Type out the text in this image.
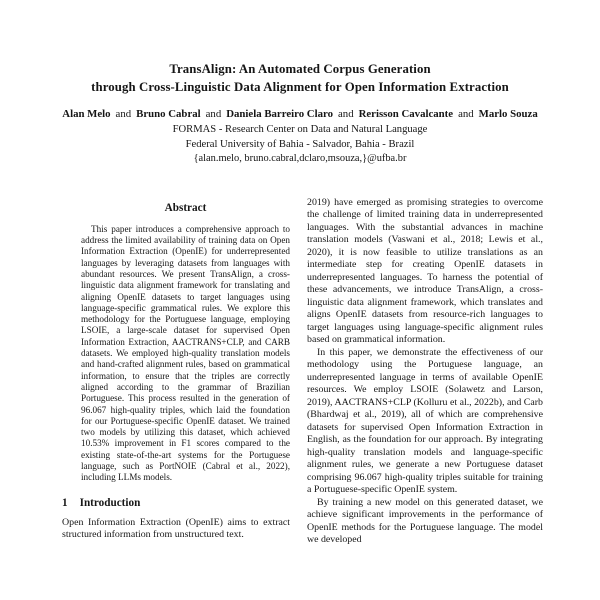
TransAlign: An Automated Corpus Generation
through Cross-Linguistic Data Alignment for Open Information Extraction
Alan Melo and Bruno Cabral and Daniela Barreiro Claro and Rerisson Cavalcante and Marlo Souza
FORMAS - Research Center on Data and Natural Language
Federal University of Bahia - Salvador, Bahia - Brazil
{alan.melo, bruno.cabral,dclaro,msouza,}@ufba.br
Abstract

This paper introduces a comprehensive approach to address the limited availability of training data on Open Information Extraction (OpenIE) for underrepresented languages by leveraging datasets from languages with abundant resources. We present TransAlign, a cross-linguistic data alignment framework for translating and aligning OpenIE datasets to target languages using language-specific grammatical rules. We explore this methodology for the Portuguese language, employing LSOIE, a large-scale dataset for supervised Open Information Extraction, AACTRANS+CLP, and CARB datasets. We employed high-quality translation models and hand-crafted alignment rules, based on grammatical information, to ensure that the triples are correctly aligned according to the grammar of Brazilian Portuguese. This process resulted in the generation of 96.067 high-quality triples, which laid the foundation for our Portuguese-specific OpenIE dataset. We trained two models by utilizing this dataset, which achieved 10.53% improvement in F1 scores compared to the existing state-of-the-art systems for the Portuguese language, such as PortNOIE (Cabral et al., 2022), including LLMs models.

1 Introduction

Open Information Extraction (OpenIE) aims to extract structured information from unstructured text.

2019) have emerged as promising strategies to overcome the challenge of limited training data in underrepresented languages. With the substantial advances in machine translation models (Vaswani et al., 2018; Lewis et al., 2020), it is now feasible to utilize translations as an intermediate step for creating OpenIE datasets in underrepresented languages. To harness the potential of these advancements, we introduce TransAlign, a cross-linguistic data alignment framework, which translates and aligns OpenIE datasets from resource-rich languages to target languages using language-specific alignment rules based on grammatical information.

In this paper, we demonstrate the effectiveness of our methodology using the Portuguese language, an underrepresented language in terms of available OpenIE resources. We employ LSOIE (Solawetz and Larson, 2019), AACTRANS+CLP (Kolluru et al., 2022b), and Carb (Bhardwaj et al., 2019), all of which are comprehensive datasets for supervised Open Information Extraction in English, as the foundation for our approach. By integrating high-quality translation models and language-specific alignment rules, we generate a new Portuguese dataset comprising 96.067 high-quality triples suitable for training a Portuguese-specific OpenIE system.

By training a new model on this generated dataset, we achieve significant improvements in the performance of OpenIE methods for the Portuguese language. The model we developed
